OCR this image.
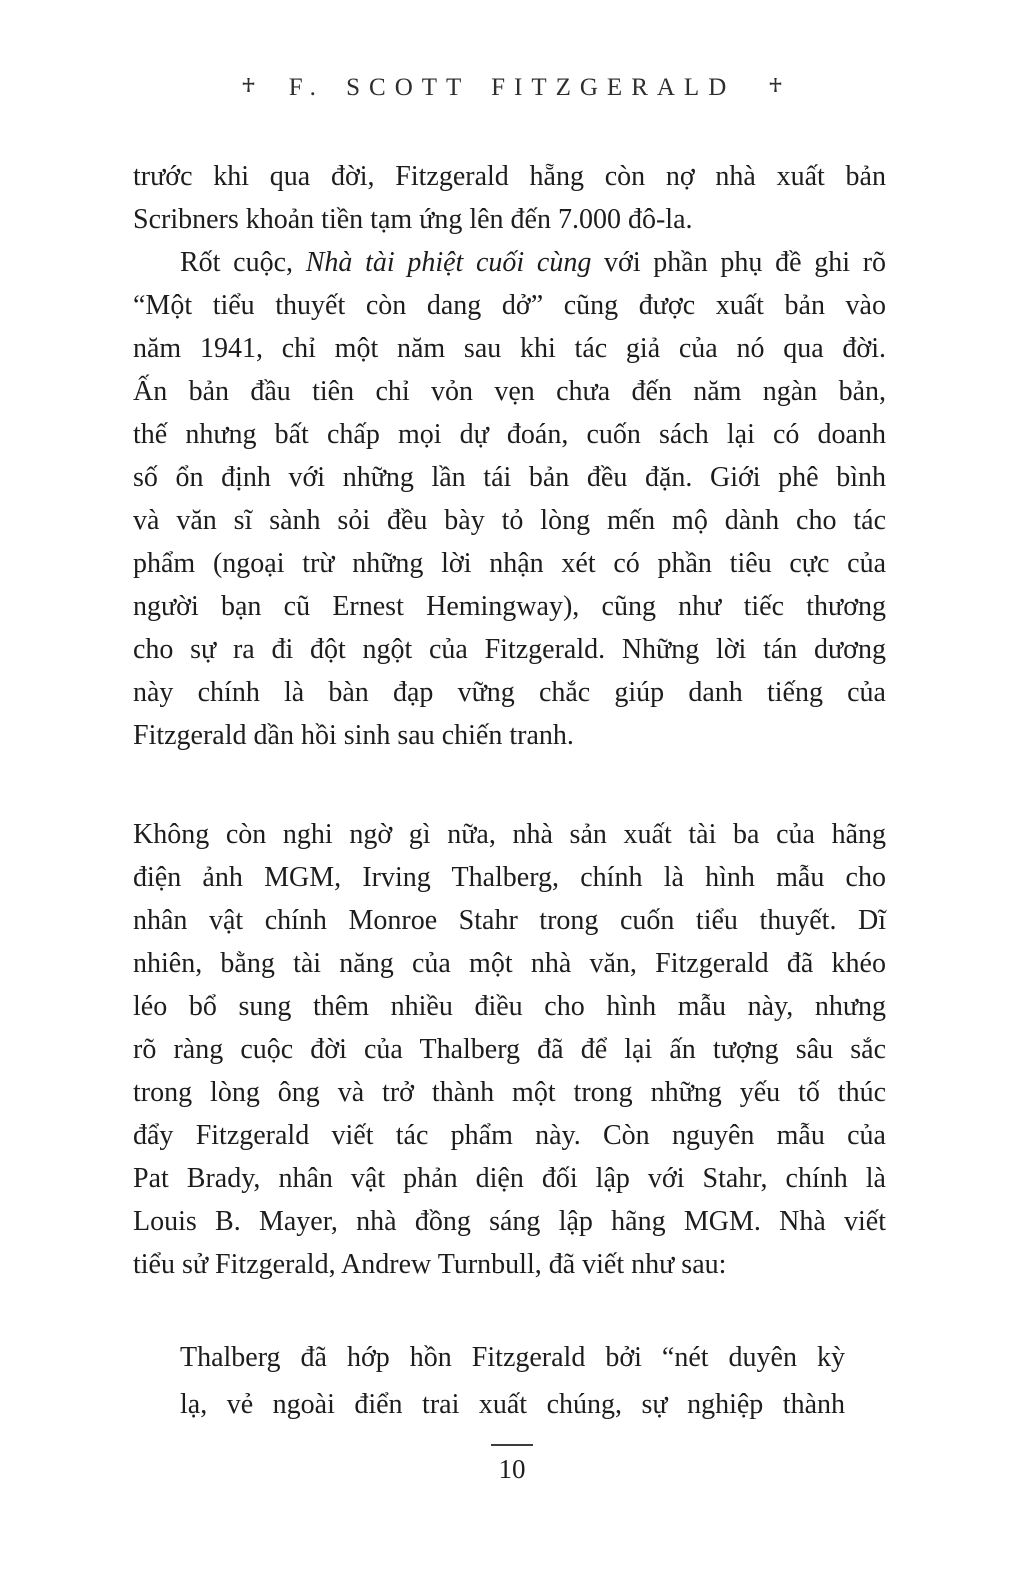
F. SCOTT FITZGERALD
trước khi qua đời, Fitzgerald hẵng còn nợ nhà xuất bản
Scribners khoản tiền tạm ứng lên đến 7.000 đô-la.
Rốt cuộc, Nhà tài phiệt cuối cùng với phần phụ đề ghi rõ
“Một tiểu thuyết còn dang dở” cũng được xuất bản vào
năm 1941, chỉ một năm sau khi tác giả của nó qua đời.
Ấn bản đầu tiên chỉ vỏn vẹn chưa đến năm ngàn bản,
thế nhưng bất chấp mọi dự đoán, cuốn sách lại có doanh
số ổn định với những lần tái bản đều đặn. Giới phê bình
và văn sĩ sành sỏi đều bày tỏ lòng mến mộ dành cho tác
phẩm (ngoại trừ những lời nhận xét có phần tiêu cực của
người bạn cũ Ernest Hemingway), cũng như tiếc thương
cho sự ra đi đột ngột của Fitzgerald. Những lời tán dương
này chính là bàn đạp vững chắc giúp danh tiếng của
Fitzgerald dần hồi sinh sau chiến tranh.
Không còn nghi ngờ gì nữa, nhà sản xuất tài ba của hãng
điện ảnh MGM, Irving Thalberg, chính là hình mẫu cho
nhân vật chính Monroe Stahr trong cuốn tiểu thuyết. Dĩ
nhiên, bằng tài năng của một nhà văn, Fitzgerald đã khéo
léo bổ sung thêm nhiều điều cho hình mẫu này, nhưng
rõ ràng cuộc đời của Thalberg đã để lại ấn tượng sâu sắc
trong lòng ông và trở thành một trong những yếu tố thúc
đẩy Fitzgerald viết tác phẩm này. Còn nguyên mẫu của
Pat Brady, nhân vật phản diện đối lập với Stahr, chính là
Louis B. Mayer, nhà đồng sáng lập hãng MGM. Nhà viết
tiểu sử Fitzgerald, Andrew Turnbull, đã viết như sau:
Thalberg đã hớp hồn Fitzgerald bởi “nét duyên kỳ
lạ, vẻ ngoài điển trai xuất chúng, sự nghiệp thành
10
